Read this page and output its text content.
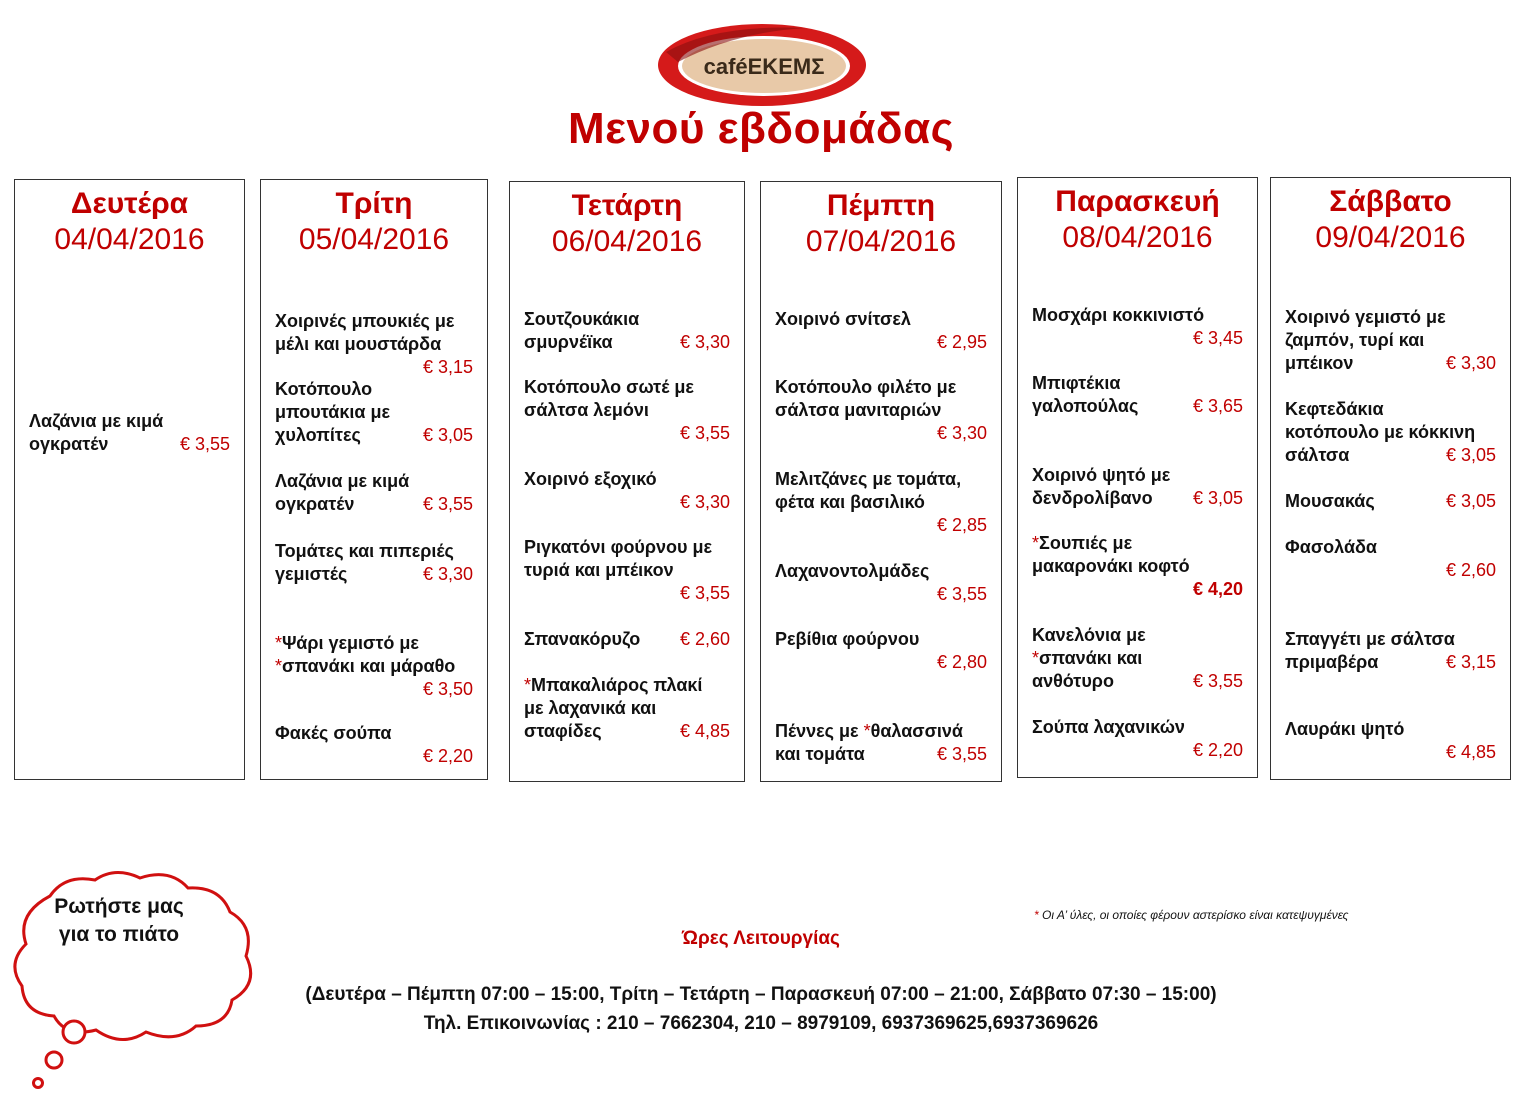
caféΕΚΕΜΣ
Μενού εβδομάδας
Δευτέρα
04/04/2016
Λαζάνια με κιμά
ογκρατέν	€ 3,55
Τρίτη
05/04/2016
Χοιρινές μπουκιές με
μέλι και μουστάρδα
€ 3,15
Κοτόπουλο
μπουτάκια με
χυλοπίτες	€ 3,05
Λαζάνια με κιμά
ογκρατέν	€ 3,55
Τομάτες και πιπεριές
γεμιστές	€ 3,30
*Ψάρι γεμιστό με
*σπανάκι και μάραθο
€ 3,50
Φακές σούπα
€ 2,20
Τετάρτη
06/04/2016
Σουτζουκάκια
σμυρνέϊκα	€ 3,30
Κοτόπουλο σωτέ με
σάλτσα λεμόνι
€ 3,55
Χοιρινό εξοχικό
€ 3,30
Ριγκατόνι φούρνου με
τυριά και μπέικον
€ 3,55
Σπανακόρυζο € 2,60
*Μπακαλιάρος πλακί
με λαχανικά και
σταφίδες	€ 4,85
Πέμπτη
07/04/2016
Χοιρινό σνίτσελ
€ 2,95
Κοτόπουλο φιλέτο με
σάλτσα μανιταριών
€ 3,30
Μελιτζάνες με τομάτα,
φέτα και βασιλικό
€ 2,85
Λαχανοντολμάδες
€ 3,55
Ρεβίθια φούρνου
€ 2,80
Πέννες με *θαλασσινά
και τομάτα	€ 3,55
Παρασκευή
08/04/2016
Μοσχάρι κοκκινιστό
€ 3,45
Μπιφτέκια
γαλοπούλας	€ 3,65
Χοιρινό ψητό με
δενδρολίβανο	€ 3,05
*Σουπιές με
μακαρονάκι κοφτό
€ 4,20
Κανελόνια με
*σπανάκι και
ανθότυρο	€ 3,55
Σούπα λαχανικών
€ 2,20
Σάββατο
09/04/2016
Χοιρινό γεμιστό με
ζαμπόν, τυρί και
μπέικον	€ 3,30
Κεφτεδάκια
κοτόπουλο με κόκκινη
σάλτσα	€ 3,05
Μουσακάς	€ 3,05
Φασολάδα
€ 2,60
Σπαγγέτι με σάλτσα
πριμαβέρα	€ 3,15
Λαυράκι ψητό
€ 4,85
Ρωτήστε μας για το πιάτο
* Οι Α’ ύλες, οι οποίες φέρουν αστερίσκο είναι κατεψυγμένες
Ώρες Λειτουργίας
(Δευτέρα – Πέμπτη 07:00 – 15:00, Τρίτη – Τετάρτη – Παρασκευή 07:00 – 21:00, Σάββατο 07:30 – 15:00)
Τηλ. Επικοινωνίας : 210 – 7662304, 210 – 8979109, 6937369625,6937369626
